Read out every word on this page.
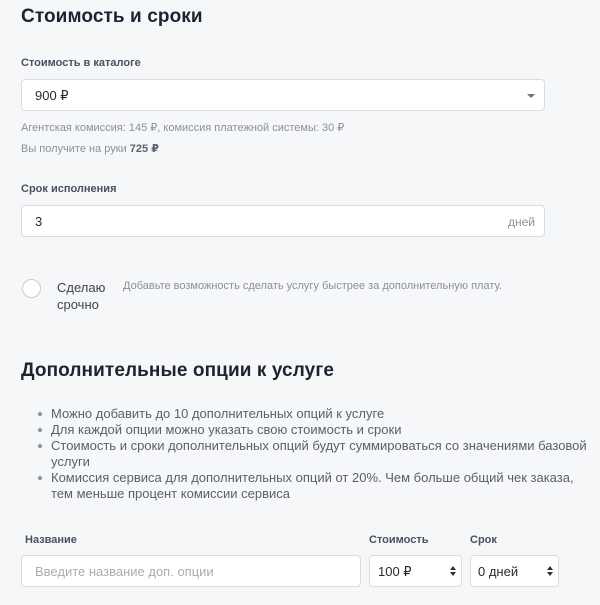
Стоимость и сроки
Стоимость в каталоге
900 ₽
Агентская комиссия: 145 ₽, комиссия платежной системы: 30 ₽
Вы получите на руки 725 ₽
Срок исполнения
3	дней
Сделаю
срочно
Добавьте возможность сделать услугу быстрее за дополнительную плату.
Дополнительные опции к услуге
Можно добавить до 10 дополнительных опций к услуге
Для каждой опции можно указать свою стоимость и сроки
Стоимость и сроки дополнительных опций будут суммироваться со значениями базовой услуги
Комиссия сервиса для дополнительных опций от 20%. Чем больше общий чек заказа, тем меньше процент комиссии сервиса
Название	Стоимость	Срок
Введите название доп. опции	100 ₽	0 дней
